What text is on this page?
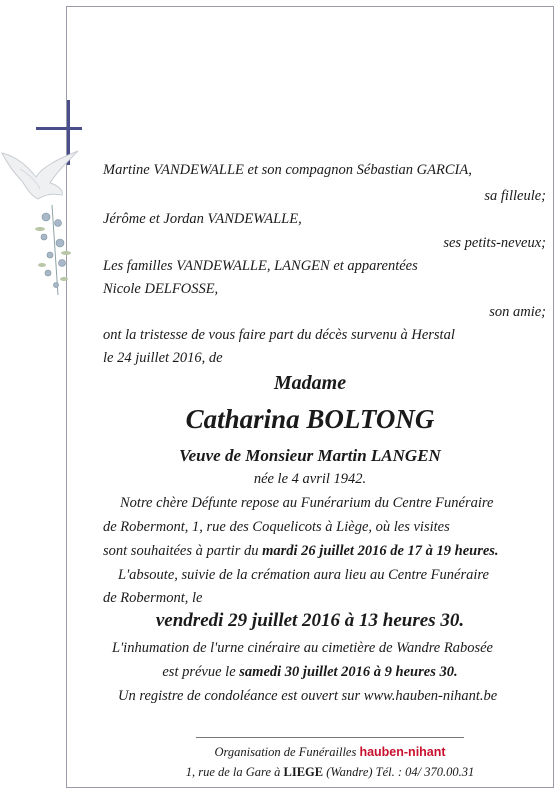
Martine VANDEWALLE et son compagnon Sébastian GARCIA,
sa filleule;
Jérôme et Jordan VANDEWALLE,
ses petits-neveux;
Les familles VANDEWALLE, LANGEN et apparentées
Nicole DELFOSSE,
son amie;
ont la tristesse de vous faire part du décès survenu à Herstal
le 24 juillet 2016, de
Madame
Catharina BOLTONG
Veuve de Monsieur Martin LANGEN
née le 4 avril 1942.
Notre chère Défunte repose au Funérarium du Centre Funéraire
de Robermont, 1, rue des Coquelicots à Liège, où les visites
sont souhaitées à partir du mardi 26 juillet 2016 de 17 à 19 heures.
L'absoute, suivie de la crémation aura lieu au Centre Funéraire
de Robermont, le
vendredi 29 juillet 2016 à 13 heures 30.
L'inhumation de l'urne cinéraire au cimetière de Wandre Rabosée
est prévue le samedi 30 juillet 2016 à 9 heures 30.
Un registre de condoléance est ouvert sur www.hauben-nihant.be
Organisation de Funérailles hauben-nihant
1, rue de la Gare à LIEGE (Wandre) Tél. : 04/ 370.00.31
